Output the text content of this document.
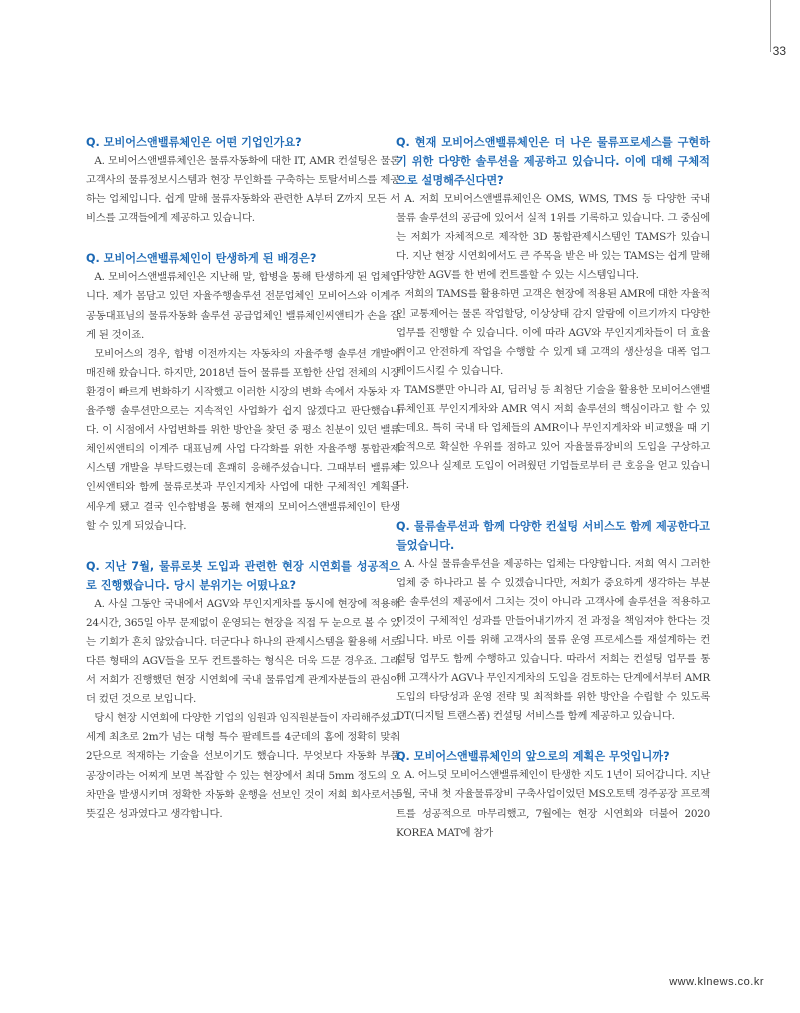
33

Q. 모비어스앤밸류체인은 어떤 기업인가요?

A. 모비어스앤밸류체인은 물류자동화에 대한 IT, AMR 컨설팅은 물론 고객사의 물류정보시스템과 현장 무인화를 구축하는 토탈서비스를 제공하는 업체입니다. 쉽게 말해 물류자동화와 관련한 A부터 Z까지 모든 서비스를 고객들에게 제공하고 있습니다.

Q. 모비어스앤밸류체인이 탄생하게 된 배경은?

A. 모비어스앤밸류체인은 지난해 말, 합병을 통해 탄생하게 된 업체입니다. 제가 몸담고 있던 자율주행솔루션 전문업체인 모비어스와 이계주 공동대표님의 물류자동화 솔루션 공급업체인 밸류체인씨앤티가 손을 잡게 된 것이죠.

모비어스의 경우, 합병 이전까지는 자동차의 자율주행 솔루션 개발에 매진해 왔습니다. 하지만, 2018년 들어 물류를 포함한 산업 전체의 시장 환경이 빠르게 변화하기 시작했고 이러한 시장의 변화 속에서 자동차 자율주행 솔루션만으로는 지속적인 사업화가 쉽지 않겠다고 판단했습니다. 이 시점에서 사업변화를 위한 방안을 찾던 중 평소 친분이 있던 밸류체인씨앤티의 이계주 대표님께 사업 다각화를 위한 자율주행 통합관제시스템 개발을 부탁드렸는데 흔쾌히 응해주셨습니다. 그때부터 밸류체인씨앤티와 함께 물류로봇과 무인지게차 사업에 대한 구체적인 계획을 세우게 됐고 결국 인수합병을 통해 현재의 모비어스앤밸류체인이 탄생할 수 있게 되었습니다.

Q. 지난 7월, 물류로봇 도입과 관련한 현장 시연회를 성공적으로 진행했습니다. 당시 분위기는 어떴나요?

A. 사실 그동안 국내에서 AGV와 무인지게차를 동시에 현장에 적용해 24시간, 365일 아무 문제없이 운영되는 현장을 직접 두 눈으로 볼 수 있는 기회가 흔치 않았습니다. 더군다나 하나의 관제시스템을 활용해 서로 다른 형태의 AGV들을 모두 컨트롤하는 형식은 더욱 드문 경우죠. 그래서 저희가 진행했던 현장 시연회에 국내 물류업계 관계자분들의 관심이 더 컸던 것으로 보입니다.

당시 현장 시연회에 다양한 기업의 임원과 임직원분들이 자리해주셨고 세계 최초로 2m가 넘는 대형 특수 팔레트를 4군데의 홈에 정확히 맞춰 2단으로 적재하는 기술을 선보이기도 했습니다. 무엇보다 자동화 부품 공장이라는 어찌게 보면 복잡할 수 있는 현장에서 최대 5mm 정도의 오차만을 발생시키며 정확한 자동화 운행을 선보인 것이 저희 회사로서는 뜻깊은 성과였다고 생각합니다.

Q. 현재 모비어스앤밸류체인은 더 나은 물류프로세스를 구현하기 위한 다양한 솔루션을 제공하고 있습니다. 이에 대해 구체적으로 설명해주신다면?

A. 저희 모비어스앤밸류체인은 OMS, WMS, TMS 등 다양한 국내 물류 솔루션의 공급에 있어서 실적 1위를 기록하고 있습니다. 그 중심에는 저희가 자체적으로 제작한 3D 통합관제시스템인 TAMS가 있습니다. 지난 현장 시연회에서도 큰 주목을 받은 바 있는 TAMS는 쉽게 말해 다양한 AGV를 한 번에 컨트롤할 수 있는 시스템입니다.

저희의 TAMS를 활용하면 고객은 현장에 적용된 AMR에 대한 자율적인 교통제어는 물론 작업할당, 이상상태 감지 알람에 이르기까지 다양한 업무를 진행할 수 있습니다. 이에 따라 AGV와 무인지게차들이 더 효율적이고 안전하게 작업을 수행할 수 있게 돼 고객의 생산성을 대폭 업그레이드시킬 수 있습니다.

TAMS뿐만 아니라 AI, 딥러닝 등 최첨단 기술을 활용한 모비어스앤밸류체인표 무인지게차와 AMR 역시 저희 솔루션의 핵심이라고 할 수 있는데요. 특히 국내 타 업체들의 AMR이나 무인지게차와 비교했을 때 기술적으로 확실한 우위를 점하고 있어 자율물류장비의 도입을 구상하고는 있으나 실제로 도입이 어려웠던 기업들로부터 큰 호응을 얻고 있습니다.

Q. 물류솔루션과 함께 다양한 컨설팅 서비스도 함께 제공한다고 들었습니다.

A. 사실 물류솔루션을 제공하는 업체는 다양합니다. 저희 역시 그러한 업체 중 하나라고 볼 수 있겠습니다만, 저희가 중요하게 생각하는 부분은 솔루션의 제공에서 그치는 것이 아니라 고객사에 솔루션을 적용하고 이것이 구체적인 성과를 만들어내기까지 전 과정을 책임져야 한다는 것입니다. 바로 이를 위해 고객사의 물류 운영 프로세스를 재설계하는 컨설팅 업무도 함께 수행하고 있습니다. 따라서 저희는 컨설팅 업무를 통해 고객사가 AGV나 무인지게차의 도입을 검토하는 단계에서부터 AMR 도입의 타당성과 운영 전략 및 최적화를 위한 방안을 수립할 수 있도록 DT(디지털 트랜스폼) 컨설팅 서비스를 함께 제공하고 있습니다.

Q. 모비어스앤밸류체인의 앞으로의 계획은 무엇입니까?

A. 어느덧 모비어스앤밸류체인이 탄생한 지도 1년이 되어갑니다. 지난 5월, 국내 첫 자율물류장비 구축사업이었던 MS오토텍 경주공장 프로젝트를 성공적으로 마무리했고, 7월에는 현장 시연회와 더불어 2020 KOREA MAT에 참가

www.klnews.co.kr
